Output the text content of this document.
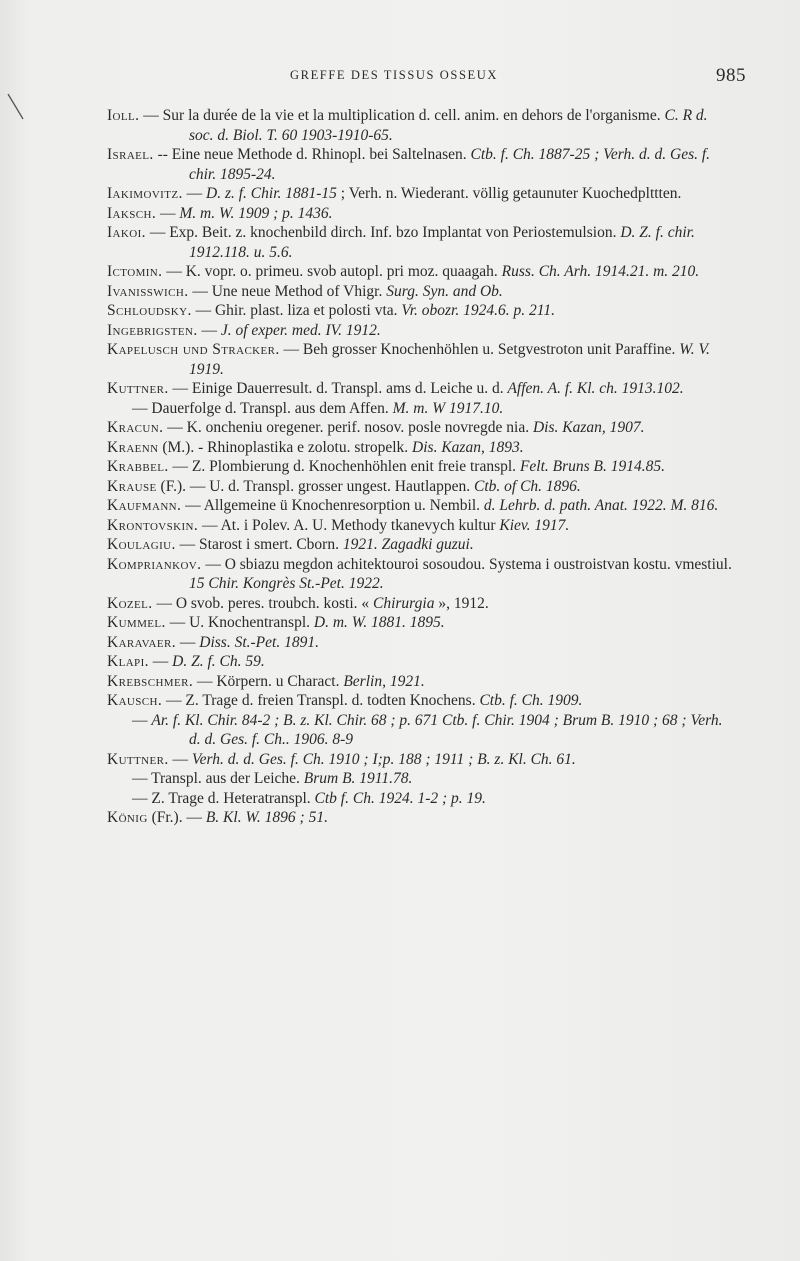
GREFFE DES TISSUS OSSEUX	985

Ioll. — Sur la durée de la vie et la multiplication d. cell. anim. en dehors de l'organisme. C. R d. soc. d. Biol. T. 60 1903-1910-65.

Israel. -- Eine neue Methode d. Rhinopl. bei Saltelnasen. Ctb. f. Ch. 1887-25 ; Verh. d. d. Ges. f. chir. 1895-24.

Iakimovitz. — D. z. f. Chir. 1881-15 ; Verh. n. Wiederant. völlig getaunuter Kuochedplttten.

Iaksch. — M. m. W. 1909 ; p. 1436.

Iakoi. — Exp. Beit. z. knochenbild dirch. Inf. bzo Implantat von Periostemulsion. D. Z. f. chir. 1912.118. u. 5.6.

Ictomin. — K. vopr. o. primeu. svob autopl. pri moz. quaagah. Russ. Ch. Arh. 1914.21. m. 210.

Ivanisswich. — Une neue Method of Vhigr. Surg. Syn. and Ob.

Schloudsky. — Ghir. plast. liza et polosti vta. Vr. obozr. 1924.6. p. 211.

Ingebrigsten. — J. of exper. med. IV. 1912.

Kapelusch und Stracker. — Beh grosser Knochenhöhlen u. Setgvestroton unit Paraffine. W. V. 1919.

Kuttner. — Einige Dauerresult. d. Transpl. ams d. Leiche u. d. Affen. A. f. Kl. ch. 1913.102.

— Dauerfolge d. Transpl. aus dem Affen. M. m. W 1917.10.

Kracun. — K. oncheniu oregener. perif. nosov. posle novregde nia. Dis. Kazan, 1907.

Kraenn (M.). - Rhinoplastika e zolotu. stropelk. Dis. Kazan, 1893.

Krabbel. — Z. Plombierung d. Knochenhöhlen enit freie transpl. Felt. Bruns B. 1914.85.

Krause (F.). — U. d. Transpl. grosser ungest. Hautlappen. Ctb. of Ch. 1896.

Kaufmann. — Allgemeine ü Knochenresorption u. Nembil. d. Lehrb. d. path. Anat. 1922. M. 816.

Krontovskin. — At. i Polev. A. U. Methody tkanevych kultur Kiev. 1917.

Koulagiu. — Starost i smert. Cborn. 1921. Zagadki guzui.

Kompriankov. — O sbiazu megdon achitektouroi sosoudou. Systema i oustroistvan kostu. vmestiul. 15 Chir. Kongrès St.-Pet. 1922.

Kozel. — O svob. peres. troubch. kosti. « Chirurgia », 1912.

Kummel. — U. Knochentranspl. D. m. W. 1881. 1895.

Karavaer. — Diss. St.-Pet. 1891.

Klapi. — D. Z. f. Ch. 59.

Krebschmer. — Körpern. u Charact. Berlin, 1921.

Kausch. — Z. Trage d. freien Transpl. d. todten Knochens. Ctb. f. Ch. 1909.

— Ar. f. Kl. Chir. 84-2 ; B. z. Kl. Chir. 68 ; p. 671 Ctb. f. Chir. 1904 ; Brum B. 1910 ; 68 ; Verh. d. d. Ges. f. Ch.. 1906. 8-9

Kuttner. — Verh. d. d. Ges. f. Ch. 1910 ; I;p. 188 ; 1911 ; B. z. Kl. Ch. 61.

— Transpl. aus der Leiche. Brum B. 1911.78.

— Z. Trage d. Heteratranspl. Ctb f. Ch. 1924. 1-2 ; p. 19.

König (Fr.). — B. Kl. W. 1896 ; 51.
